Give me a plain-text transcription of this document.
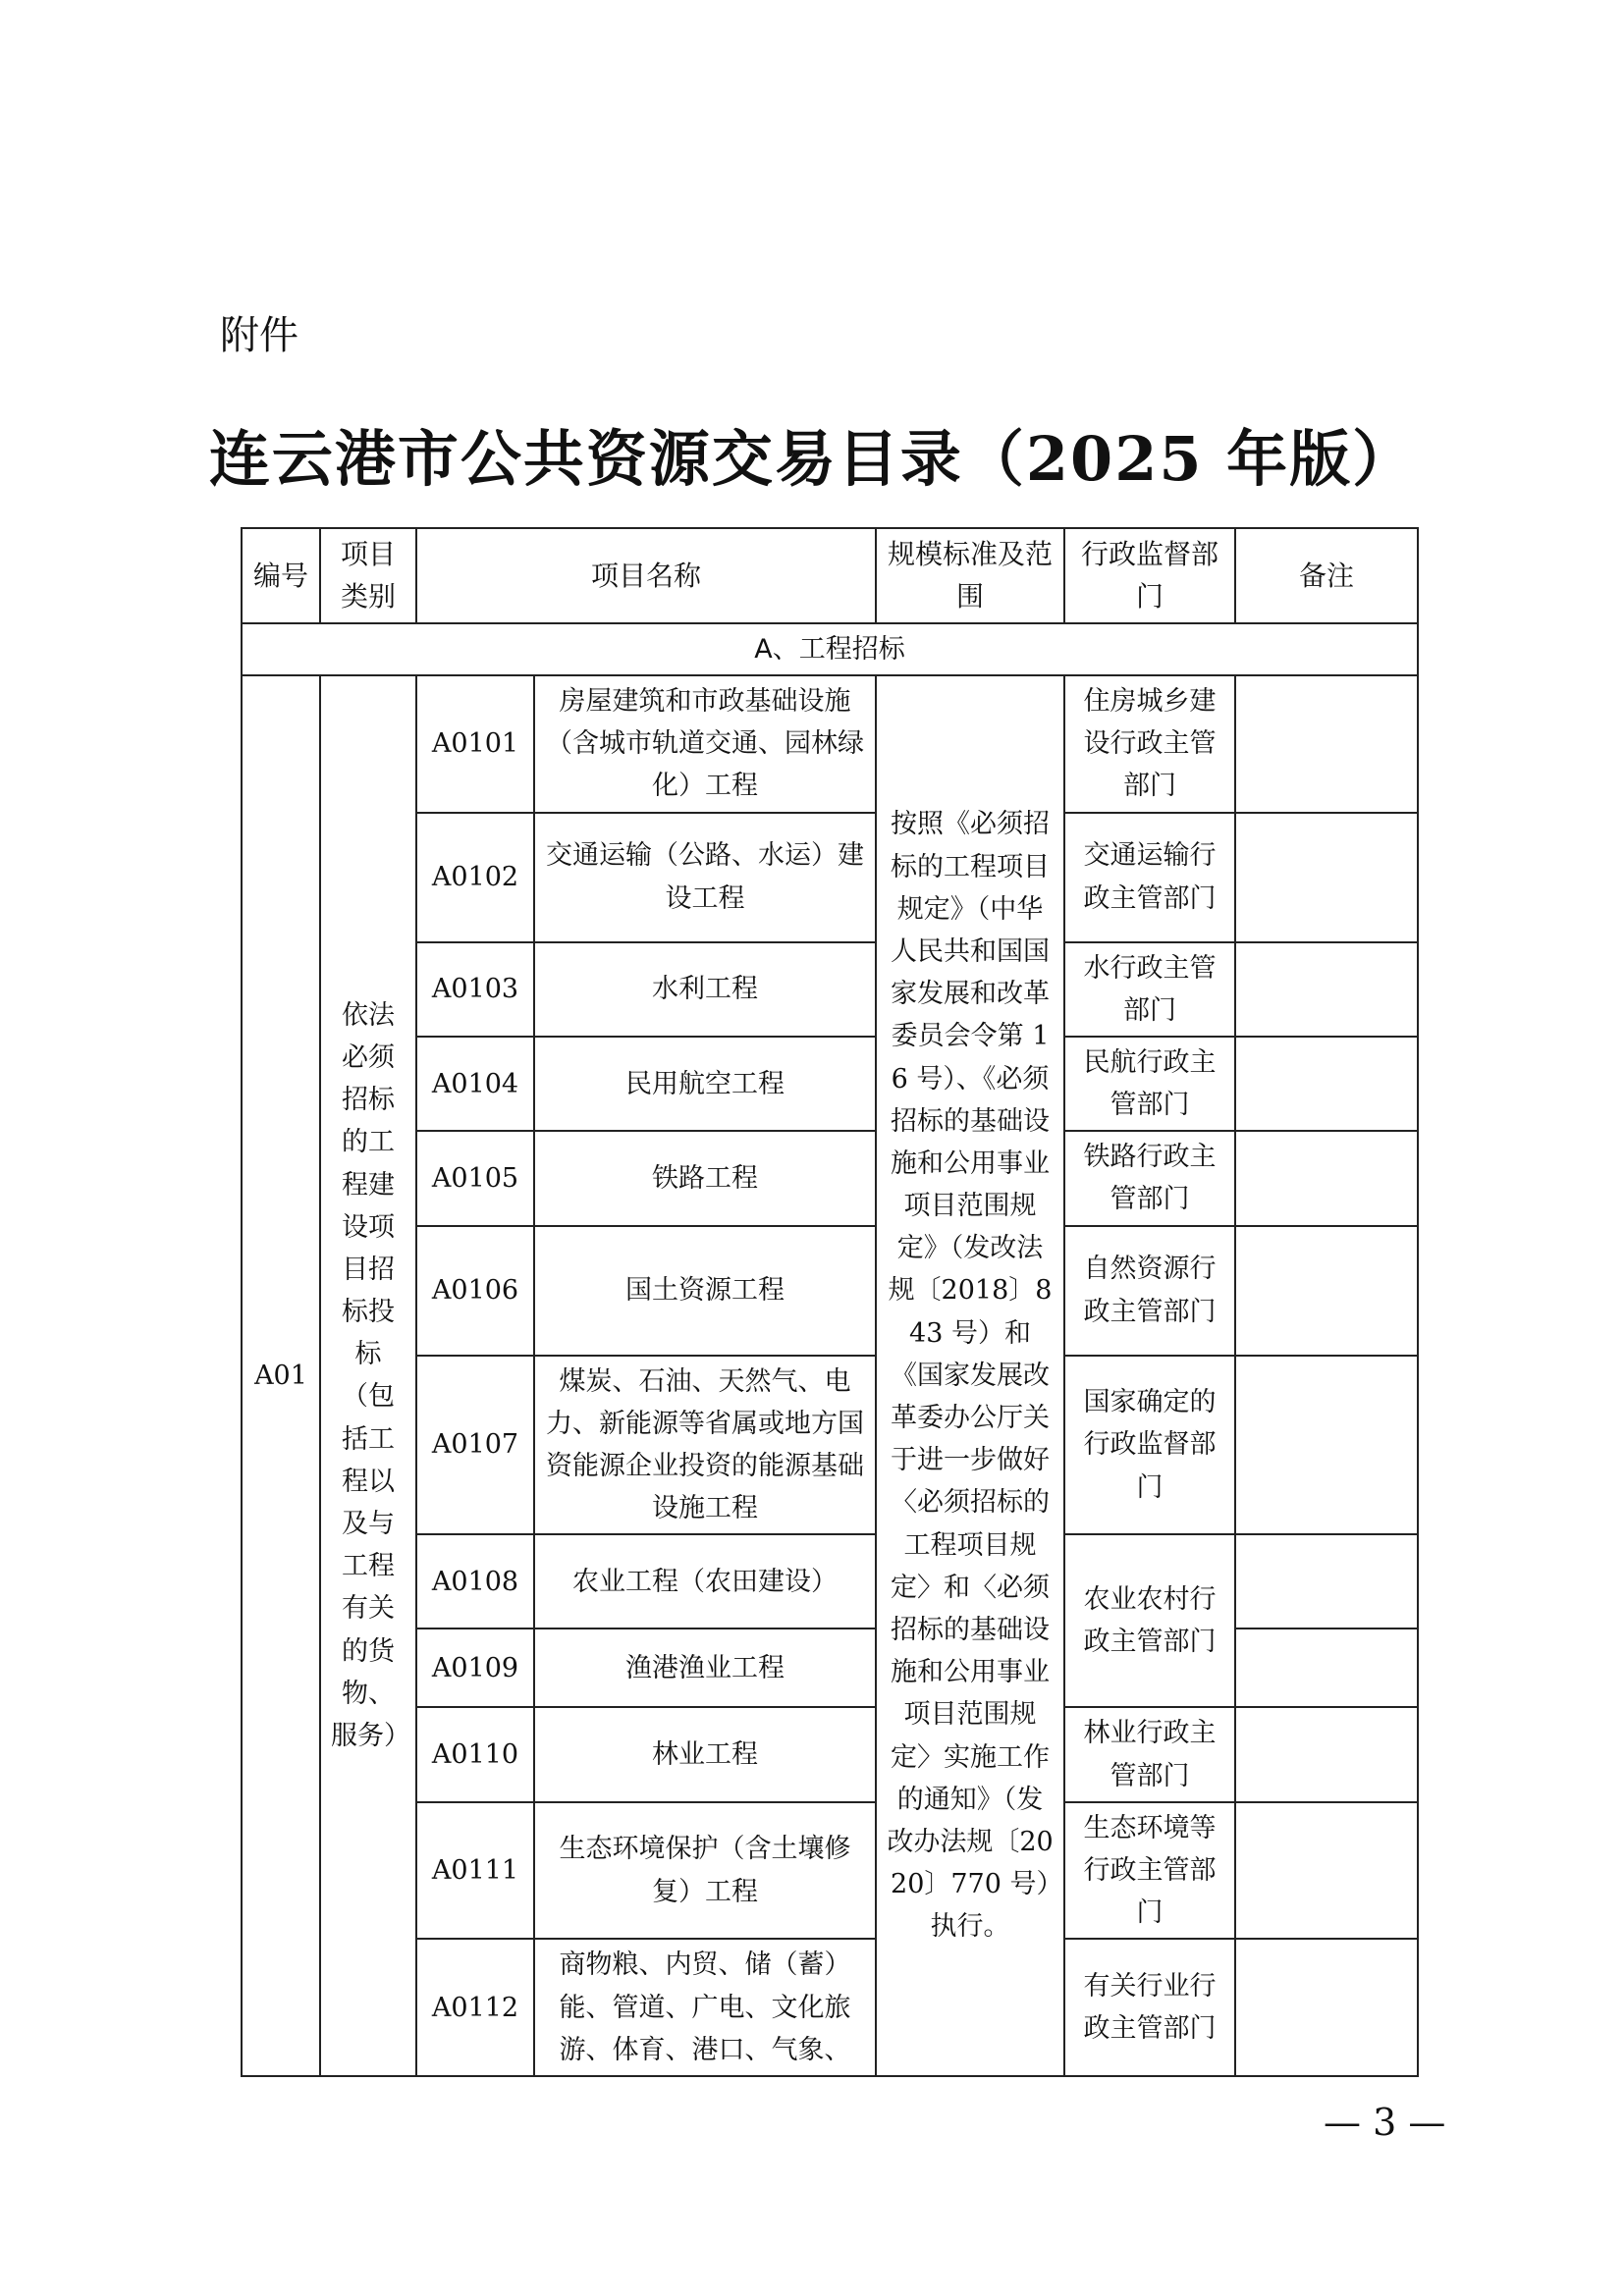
附件
连云港市公共资源交易目录（2025 年版）
编号	项目类别	项目名称		规模标准及范围	行政监督部门	备注
A、工程招标						
A01	依法必须招标的工程建设项目招标投标（包括工程以及与工程有关的货物、服务）	A0101	房屋建筑和市政基础设施（含城市轨道交通、园林绿化）工程	按照《必须招标的工程项目规定》（中华人民共和国国家发展和改革委员会令第 16 号）、《必须招标的基础设施和公用事业项目范围规定》（发改法规〔2018〕843 号）和《国家发展改革委办公厅关于进一步做好〈必须招标的工程项目规定〉和〈必须招标的基础设施和公用事业项目范围规定〉实施工作的通知》（发改办法规〔2020〕770 号）执行。	住房城乡建设行政主管部门	
		A0102	交通运输（公路、水运）建设工程		交通运输行政主管部门	
		A0103	水利工程		水行政主管部门	
		A0104	民用航空工程		民航行政主管部门	
		A0105	铁路工程		铁路行政主管部门	
		A0106	国土资源工程		自然资源行政主管部门	
		A0107	煤炭、石油、天然气、电力、新能源等省属或地方国资能源企业投资的能源基础设施工程		国家确定的行政监督部门	
		A0108	农业工程（农田建设）		农业农村行政主管部门	
		A0109	渔港渔业工程			
		A0110	林业工程		林业行政主管部门	
		A0111	生态环境保护（含土壤修复）工程		生态环境等行政主管部门	
		A0112	商物粮、内贸、储（蓄）能、管道、广电、文化旅游、体育、港口、气象、		有关行业行政主管部门	
— 3 —
